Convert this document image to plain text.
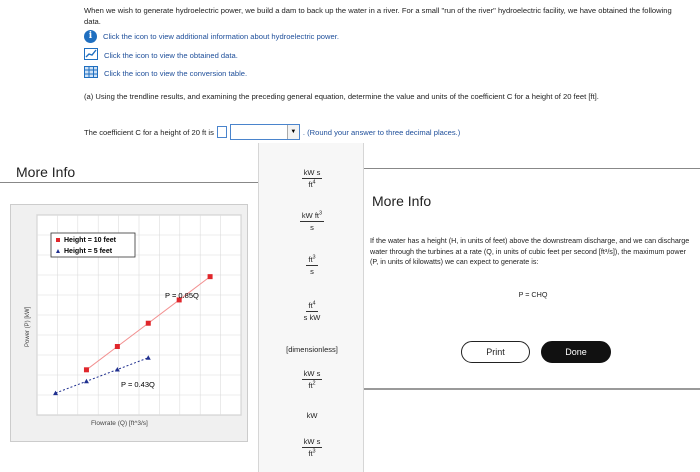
When we wish to generate hydroelectric power, we build a dam to back up the water in a river. For a small "run of the river" hydroelectric facility, we have obtained the following data.
i	Click the icon to view additional information about hydroelectric power.
Click the icon to view the obtained data.
Click the icon to view the conversion table.
(a) Using the trendline results, and examining the preceding general equation, determine the value and units of the coefficient C for a height of 20 feet [ft].
The coefficient C for a height of 20 ft is	▼ . (Round your answer to three decimal places.)
More Info
Height = 10 feet
Height = 5 feet
P = 0.85Q
P = 0.43Q
Flowrate (Q) [ft^3/s]
Power (P) [kW]
$\frac{\text{kW s}}{ft^4}$
$\frac{kW ft^3}{s}$
$\frac{ft^3}{s}$
$\frac{ft^4}{\text{s kW}}$
[dimensionless]
$\frac{\text{kW s}}{ft^2}$
kW
$\frac{\text{kW s}}{ft^3}$
More Info
If the water has a height (H, in units of feet) above the downstream discharge, and we can discharge water through the turbines at a rate (Q, in units of cubic feet per second [ft³/s]), the maximum power (P, in units of kilowatts) we can expect to generate is:
P = CHQ
Print	Done
